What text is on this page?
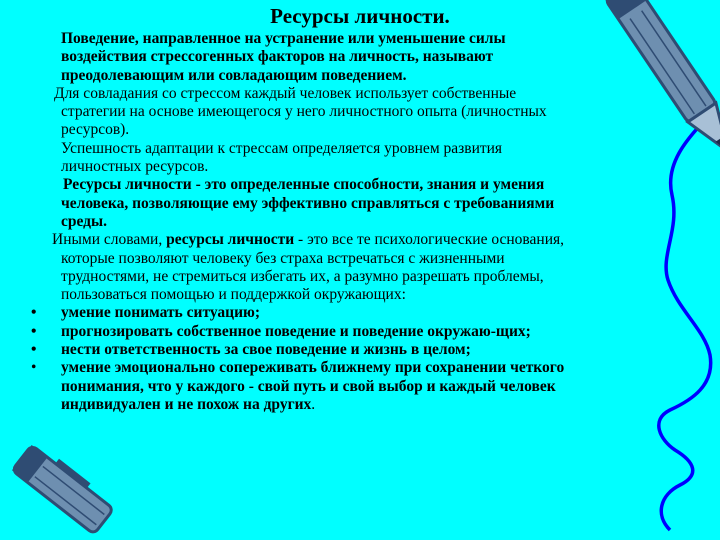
Ресурсы личности.
Поведение, направленное на устранение или уменьшение силы
воздействия стрессогенных факторов на личность, называют
преодолевающим или совладающим поведением.
Для совладания со стрессом каждый человек использует собственные
стратегии на основе имеющегося у него личностного опыта (личностных
ресурсов).
Успешность адаптации к стрессам определяется уровнем развития
личностных ресурсов.
Ресурсы личности - это определенные способности, знания и умения
человека, позволяющие ему эффективно справляться с требованиями
среды.
Иными словами, ресурсы личности - это все те психологические основания,
которые позволяют человеку без страха встречаться с жизненными
трудностями, не стремиться избегать их, а разумно разрешать проблемы,
пользоваться помощью и поддержкой окружающих:
• умение понимать ситуацию;
• прогнозировать собственное поведение и поведение окружаю-щих;
• нести ответственность за свое поведение и жизнь в целом;
• умение эмоционально сопереживать ближнему при сохранении четкого
понимания, что у каждого - свой путь и свой выбор и каждый человек
индивидуален и не похож на других.
